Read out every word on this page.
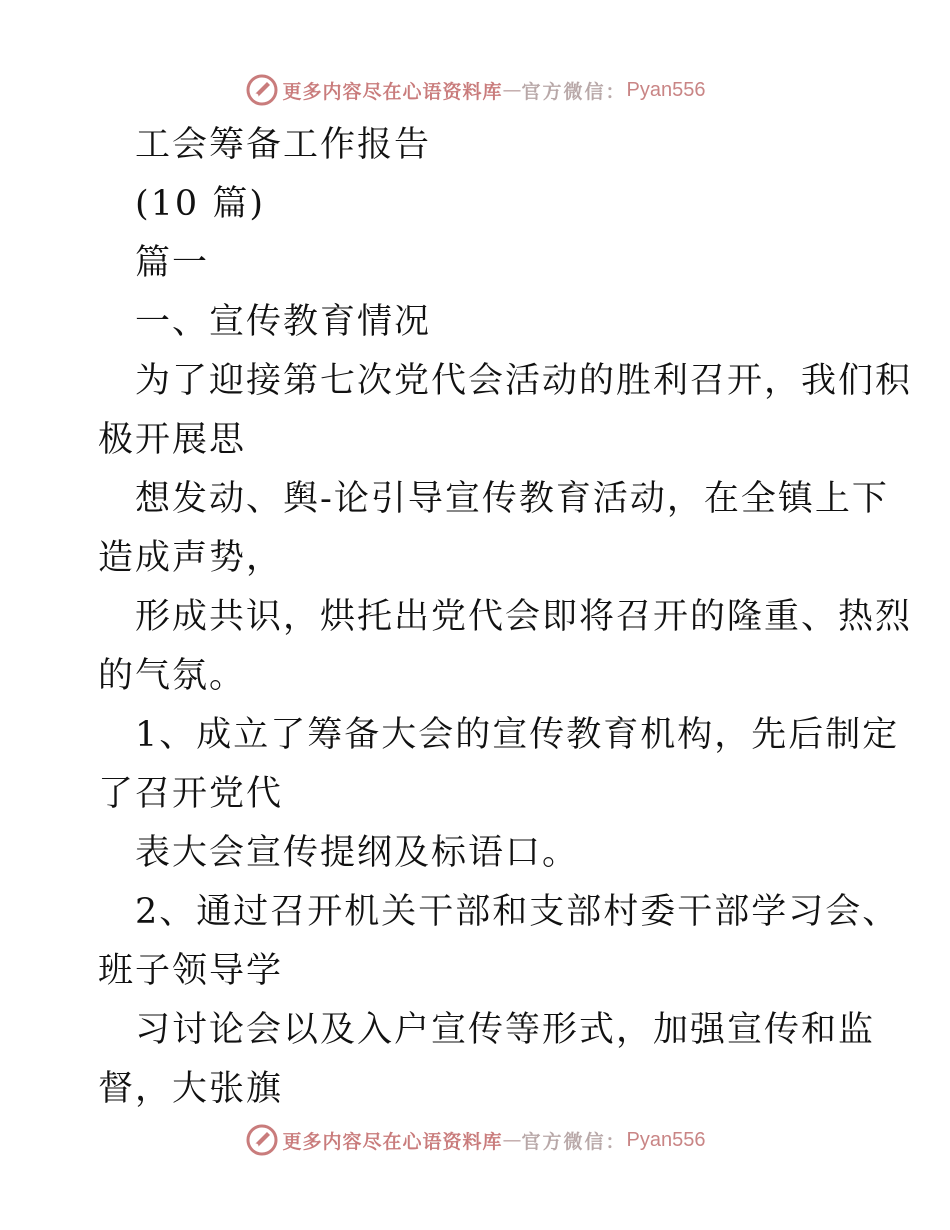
更多内容尽在心语资料库 — 官方微信： Pyan556
工会筹备工作报告
(10 篇)
篇一
一、宣传教育情况
为了迎接第七次党代会活动的胜利召开，我们积
极开展思
想发动、舆-论引导宣传教育活动，在全镇上下
造成声势，
形成共识，烘托出党代会即将召开的隆重、热烈
的气氛。
1、成立了筹备大会的宣传教育机构，先后制定
了召开党代
表大会宣传提纲及标语口。
2、通过召开机关干部和支部村委干部学习会、
班子领导学
习讨论会以及入户宣传等形式，加强宣传和监
督，大张旗
更多内容尽在心语资料库 — 官方微信： Pyan556
